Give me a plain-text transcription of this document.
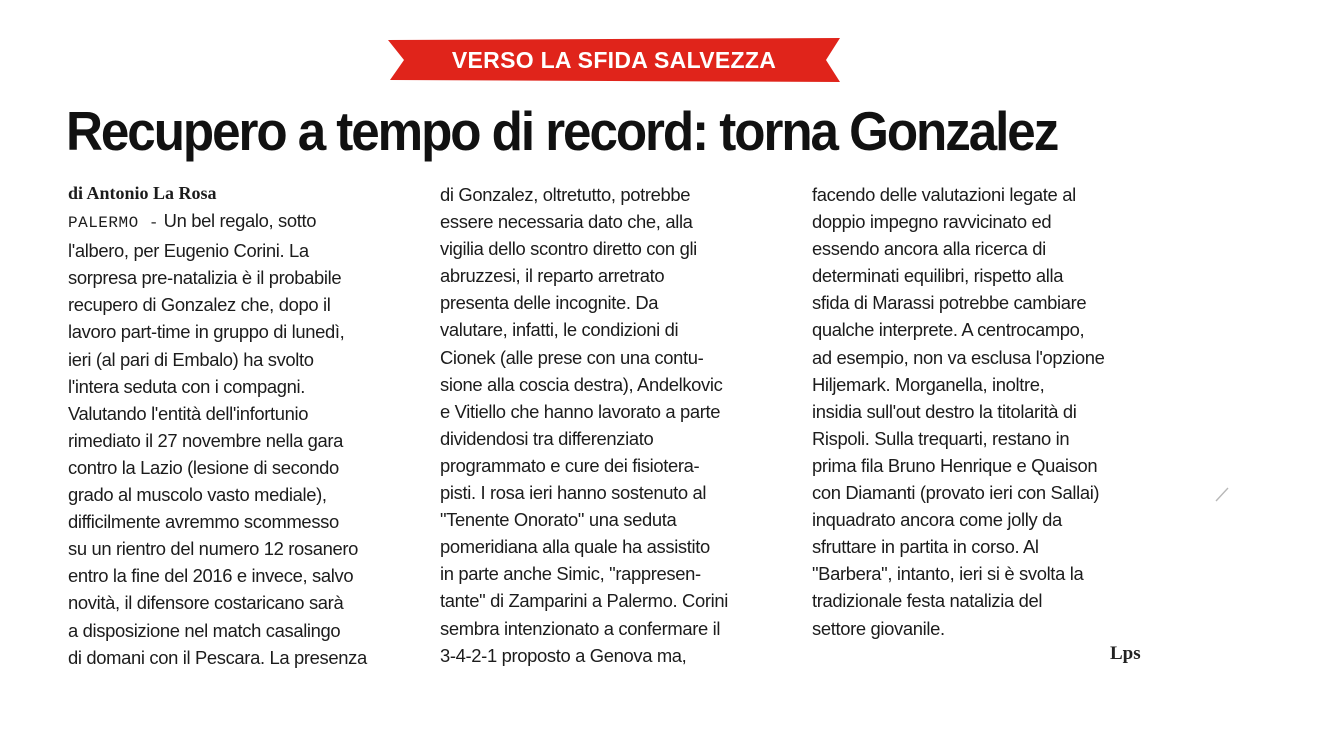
VERSO LA SFIDA SALVEZZA
Recupero a tempo di record: torna Gonzalez
di Antonio La Rosa

PALERMO - Un bel regalo, sotto
l'albero, per Eugenio Corini. La
sorpresa pre-natalizia è il probabile
recupero di Gonzalez che, dopo il
lavoro part-time in gruppo di lunedì,
ieri (al pari di Embalo) ha svolto
l'intera seduta con i compagni.
Valutando l'entità dell'infortunio
rimediato il 27 novembre nella gara
contro la Lazio (lesione di secondo
grado al muscolo vasto mediale),
difficilmente avremmo scommesso
su un rientro del numero 12 rosanero
entro la fine del 2016 e invece, salvo
novità, il difensore costaricano sarà
a disposizione nel match casalingo
di domani con il Pescara. La presenza

di Gonzalez, oltretutto, potrebbe
essere necessaria dato che, alla
vigilia dello scontro diretto con gli
abruzzesi, il reparto arretrato
presenta delle incognite. Da
valutare, infatti, le condizioni di
Cionek (alle prese con una contu-
sione alla coscia destra), Andelkovic
e Vitiello che hanno lavorato a parte
dividendosi tra differenziato
programmato e cure dei fisiotera-
pisti. I rosa ieri hanno sostenuto al
"Tenente Onorato" una seduta
pomeridiana alla quale ha assistito
in parte anche Simic, "rappresen-
tante" di Zamparini a Palermo. Corini
sembra intenzionato a confermare il
3-4-2-1 proposto a Genova ma,

facendo delle valutazioni legate al
doppio impegno ravvicinato ed
essendo ancora alla ricerca di
determinati equilibri, rispetto alla
sfida di Marassi potrebbe cambiare
qualche interprete. A centrocampo,
ad esempio, non va esclusa l'opzione
Hiljemark. Morganella, inoltre,
insidia sull'out destro la titolarità di
Rispoli. Sulla trequarti, restano in
prima fila Bruno Henrique e Quaison
con Diamanti (provato ieri con Sallai)
inquadrato ancora come jolly da
sfruttare in partita in corso. Al
"Barbera", intanto, ieri si è svolta la
tradizionale festa natalizia del
settore giovanile.

Lps
